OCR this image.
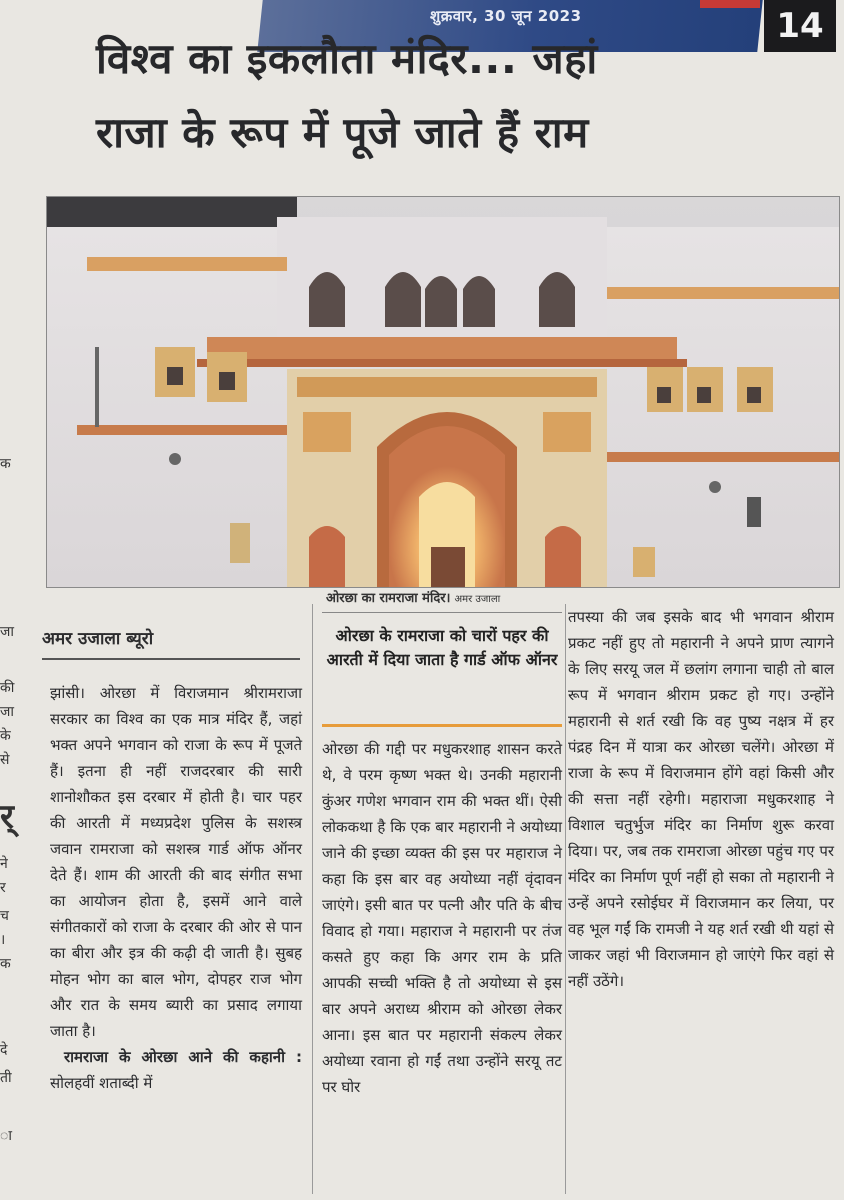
शुक्रवार, 30 जून 2023	14
विश्व का इकलौता मंदिर... जहां
राजा के रूप में पूजे जाते हैं राम
ओरछा का रामराजा मंदिर। अमर उजाला
क
जा
की
जा
के
से
र्
ने
र
च
।
क
दे
ती
ा
अमर उजाला ब्यूरो

झांसी। ओरछा में विराजमान श्रीरामराजा सरकार का विश्व का एक मात्र मंदिर हैं, जहां भक्त अपने भगवान को राजा के रूप में पूजते हैं। इतना ही नहीं राजदरबार की सारी शानोशौकत इस दरबार में होती है। चार पहर की आरती में मध्यप्रदेश पुलिस के सशस्त्र जवान रामराजा को सशस्त्र गार्ड ऑफ ऑनर देते हैं। शाम की आरती की बाद संगीत सभा का आयोजन होता है, इसमें आने वाले संगीतकारों को राजा के दरबार की ओर से पान का बीरा और इत्र की कढ़ी दी जाती है। सुबह मोहन भोग का बाल भोग, दोपहर राज भोग और रात के समय ब्यारी का प्रसाद लगाया जाता है।

रामराजा के ओरछा आने की कहानी : सोलहवीं शताब्दी में

ओरछा के रामराजा को चारों पहर की आरती में दिया जाता है गार्ड ऑफ ऑनर

ओरछा की गद्दी पर मधुकरशाह शासन करते थे, वे परम कृष्ण भक्त थे। उनकी महारानी कुंअर गणेश भगवान राम की भक्त थीं। ऐसी लोककथा है कि एक बार महारानी ने अयोध्या जाने की इच्छा व्यक्त की इस पर महाराज ने कहा कि इस बार वह अयोध्या नहीं वृंदावन जाएंगे। इसी बात पर पत्नी और पति के बीच विवाद हो गया। महाराज ने महारानी पर तंज कसते हुए कहा कि अगर राम के प्रति आपकी सच्ची भक्ति है तो अयोध्या से इस बार अपने अराध्य श्रीराम को ओरछा लेकर आना। इस बात पर महारानी संकल्प लेकर अयोध्या रवाना हो गईं तथा उन्होंने सरयू तट पर घोर

तपस्या की जब इसके बाद भी भगवान श्रीराम प्रकट नहीं हुए तो महारानी ने अपने प्राण त्यागने के लिए सरयू जल में छलांग लगाना चाही तो बाल रूप में भगवान श्रीराम प्रकट हो गए। उन्होंने महारानी से शर्त रखी कि वह पुष्य नक्षत्र में हर पंद्रह दिन में यात्रा कर ओरछा चलेंगे। ओरछा में राजा के रूप में विराजमान होंगे वहां किसी और की सत्ता नहीं रहेगी। महाराजा मधुकरशाह ने विशाल चतुर्भुज मंदिर का निर्माण शुरू करवा दिया। पर, जब तक रामराजा ओरछा पहुंच गए पर मंदिर का निर्माण पूर्ण नहीं हो सका तो महारानी ने उन्हें अपने रसोईघर में विराजमान कर लिया, पर वह भूल गईं कि रामजी ने यह शर्त रखी थी यहां से जाकर जहां भी विराजमान हो जाएंगे फिर वहां से नहीं उठेंगे।
